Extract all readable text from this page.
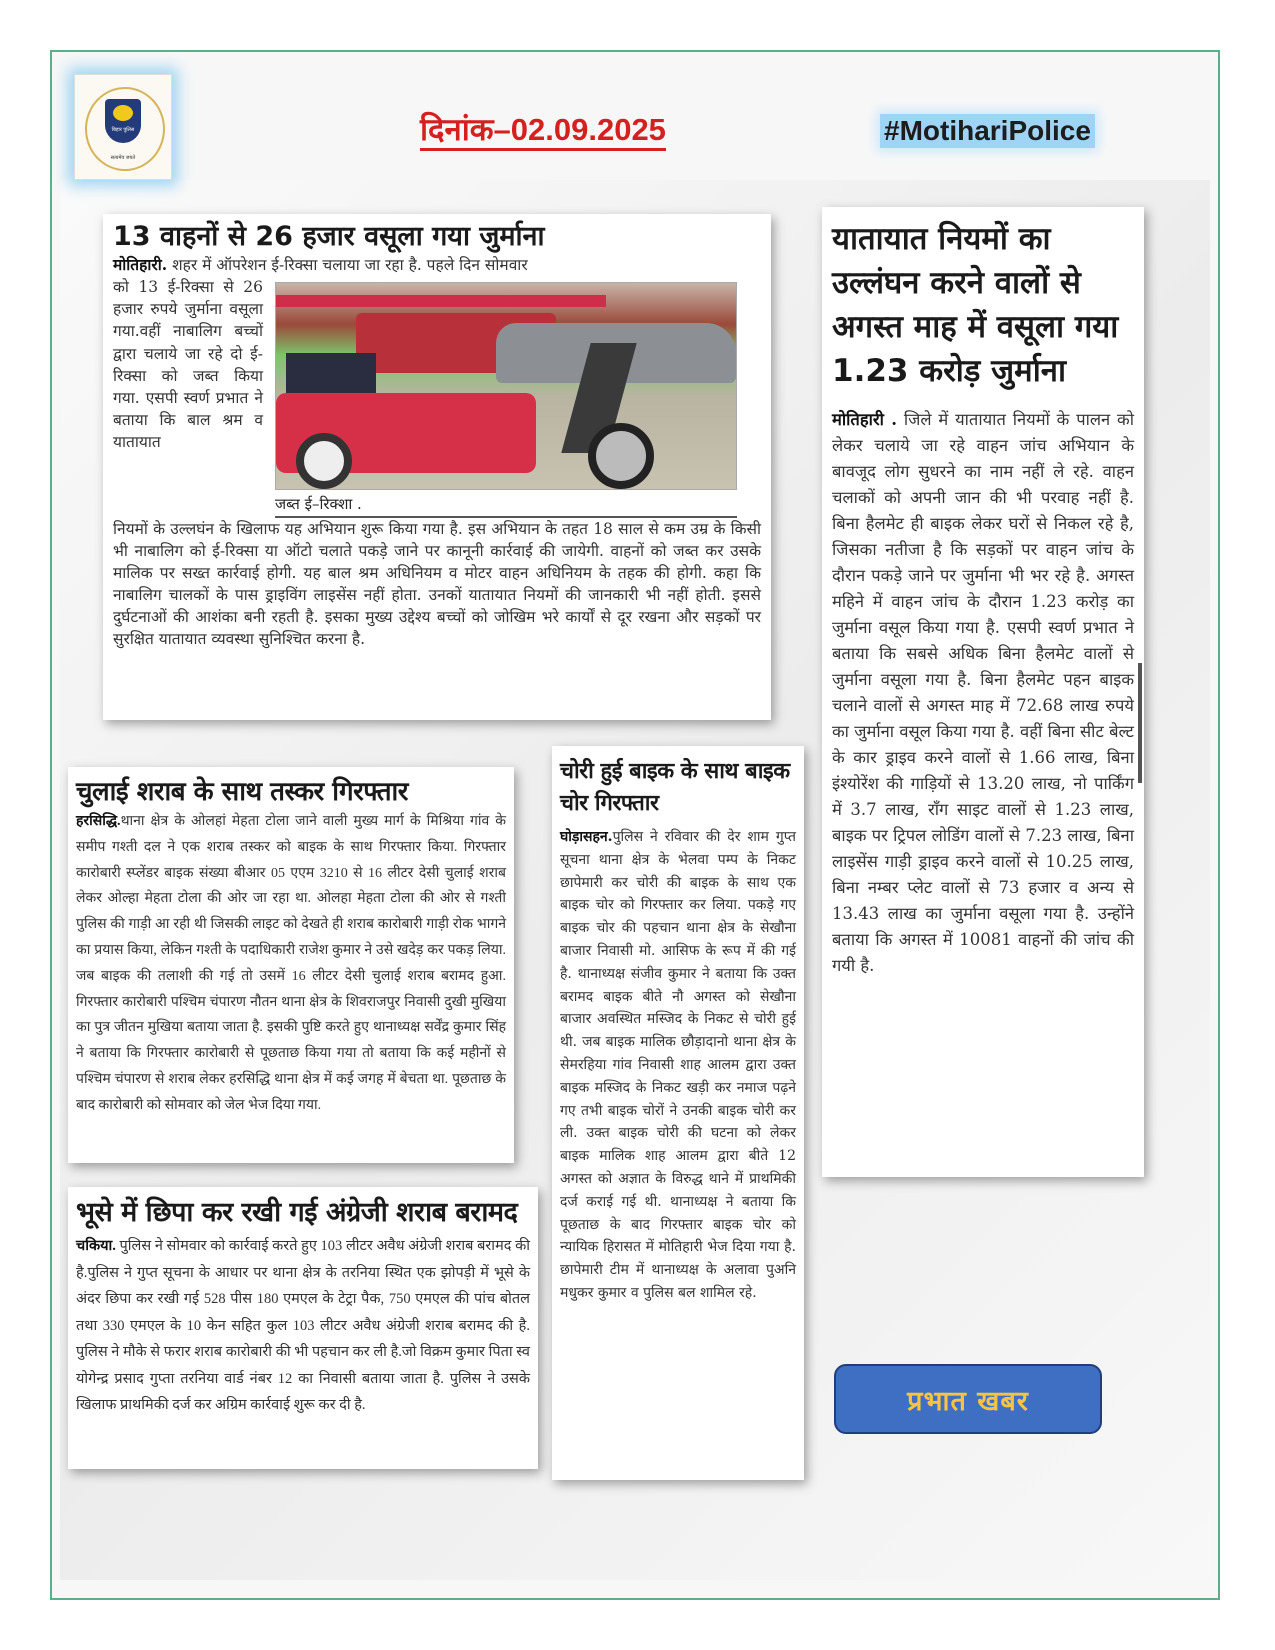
बिहार पुलिस
सत्यमेव जयते
दिनांक–02.09.2025	#MotihariPolice
13 वाहनों से 26 हजार वसूला गया जुर्माना
मोतिहारी. शहर में ऑपरेशन ई-रिक्सा चलाया जा रहा है. पहले दिन सोमवार
को 13 ई-रिक्सा से 26 हजार रुपये जुर्माना वसूला गया.वहीं नाबालिग बच्चों द्वारा चलाये जा रहे दो ई-रिक्सा को जब्त किया गया. एसपी स्वर्ण प्रभात ने बताया कि बाल श्रम व यातायात
जब्त ई–रिक्शा .
नियमों के उल्लघंन के खिलाफ यह अभियान शुरू किया गया है. इस अभियान के तहत 18 साल से कम उम्र के किसी भी नाबालिग को ई-रिक्सा या ऑटो चलाते पकड़े जाने पर कानूनी कार्रवाई की जायेगी. वाहनों को जब्त कर उसके मालिक पर सख्त कार्रवाई होगी. यह बाल श्रम अधिनियम व मोटर वाहन अधिनियम के तहक की होगी. कहा कि नाबालिग चालकों के पास ड्राइविंग लाइसेंस नहीं होता. उनकों यातायात नियमों की जानकारी भी नहीं होती. इससे दुर्घटनाओं की आशंका बनी रहती है. इसका मुख्य उद्देश्य बच्चों को जोखिम भरे कार्यों से दूर रखना और सड़कों पर सुरक्षित यातायात व्यवस्था सुनिश्चित करना है.
यातायात नियमों का उल्लंघन करने वालों से अगस्त माह में वसूला गया 1.23 करोड़ जुर्माना
मोतिहारी . जिले में यातायात नियमों के पालन को लेकर चलाये जा रहे वाहन जांच अभियान के बावजूद लोग सुधरने का नाम नहीं ले रहे. वाहन चलाकों को अपनी जान की भी परवाह नहीं है. बिना हैलमेट ही बाइक लेकर घरों से निकल रहे है, जिसका नतीजा है कि सड़कों पर वाहन जांच के दौरान पकड़े जाने पर जुर्माना भी भर रहे है. अगस्त महिने में वाहन जांच के दौरान 1.23 करोड़ का जुर्माना वसूल किया गया है. एसपी स्वर्ण प्रभात ने बताया कि सबसे अधिक बिना हैलमेट वालों से जुर्माना वसूला गया है. बिना हैलमेट पहन बाइक चलाने वालों से अगस्त माह में 72.68 लाख रुपये का जुर्माना वसूल किया गया है. वहीं बिना सीट बेल्ट के कार ड्राइव करने वालों से 1.66 लाख, बिना इंश्योरेंश की गाड़ियों से 13.20 लाख, नो पार्किंग में 3.7 लाख, रॉंग साइट वालों से 1.23 लाख, बाइक पर ट्रिपल लोडिंग वालों से 7.23 लाख, बिना लाइसेंस गाड़ी ड्राइव करने वालों से 10.25 लाख, बिना नम्बर प्लेट वालों से 73 हजार व अन्य से 13.43 लाख का जुर्माना वसूला गया है. उन्होंने बताया कि अगस्त में 10081 वाहनों की जांच की गयी है.
चुलाई शराब के साथ तस्कर गिरफ्तार
हरसिद्धि.थाना क्षेत्र के ओलहां मेहता टोला जाने वाली मुख्य मार्ग के मिश्रिया गांव के समीप गश्ती दल ने एक शराब तस्कर को बाइक के साथ गिरफ्तार किया. गिरफ्तार कारोबारी स्प्लेंडर बाइक संख्या बीआर 05 एएम 3210 से 16 लीटर देसी चुलाई शराब लेकर ओल्हा मेहता टोला की ओर जा रहा था. ओलहा मेहता टोला की ओर से गश्ती पुलिस की गाड़ी आ रही थी जिसकी लाइट को देखते ही शराब कारोबारी गाड़ी रोक भागने का प्रयास किया, लेकिन गश्ती के पदाधिकारी राजेश कुमार ने उसे खदेड़ कर पकड़ लिया. जब बाइक की तलाशी की गई तो उसमें 16 लीटर देसी चुलाई शराब बरामद हुआ. गिरफ्तार कारोबारी पश्चिम चंपारण नौतन थाना क्षेत्र के शिवराजपुर निवासी दुखी मुखिया का पुत्र जीतन मुखिया बताया जाता है. इसकी पुष्टि करते हुए थानाध्यक्ष सर्वेंद्र कुमार सिंह ने बताया कि गिरफ्तार कारोबारी से पूछताछ किया गया तो बताया कि कई महीनों से पश्चिम चंपारण से शराब लेकर हरसिद्धि थाना क्षेत्र में कई जगह में बेचता था. पूछताछ के बाद कारोबारी को सोमवार को जेल भेज दिया गया.
भूसे में छिपा कर रखी गई अंग्रेजी शराब बरामद
चकिया. पुलिस ने सोमवार को कार्रवाई करते हुए 103 लीटर अवैध अंग्रेजी शराब बरामद की है.पुलिस ने गुप्त सूचना के आधार पर थाना क्षेत्र के तरनिया स्थित एक झोपड़ी में भूसे के अंदर छिपा कर रखी गई 528 पीस 180 एमएल के टेट्रा पैक, 750 एमएल की पांच बोतल तथा 330 एमएल के 10 केन सहित कुल 103 लीटर अवैध अंग्रेजी शराब बरामद की है. पुलिस ने मौके से फरार शराब कारोबारी की भी पहचान कर ली है.जो विक्रम कुमार पिता स्व योगेन्द्र प्रसाद गुप्ता तरनिया वार्ड नंबर 12 का निवासी बताया जाता है. पुलिस ने उसके खिलाफ प्राथमिकी दर्ज कर अग्रिम कार्रवाई शुरू कर दी है.
चोरी हुई बाइक के साथ बाइक चोर गिरफ्तार
घोड़ासहन.पुलिस ने रविवार की देर शाम गुप्त सूचना थाना क्षेत्र के भेलवा पम्प के निकट छापेमारी कर चोरी की बाइक के साथ एक बाइक चोर को गिरफ्तार कर लिया. पकड़े गए बाइक चोर की पहचान थाना क्षेत्र के सेखौना बाजार निवासी मो. आसिफ के रूप में की गई है. थानाध्यक्ष संजीव कुमार ने बताया कि उक्त बरामद बाइक बीते नौ अगस्त को सेखौना बाजार अवस्थित मस्जिद के निकट से चोरी हुई थी. जब बाइक मालिक छौड़ादानो थाना क्षेत्र के सेमरहिया गांव निवासी शाह आलम द्वारा उक्त बाइक मस्जिद के निकट खड़ी कर नमाज पढ़ने गए तभी बाइक चोरों ने उनकी बाइक चोरी कर ली. उक्त बाइक चोरी की घटना को लेकर बाइक मालिक शाह आलम द्वारा बीते 12 अगस्त को अज्ञात के विरुद्ध थाने में प्राथमिकी दर्ज कराई गई थी. थानाध्यक्ष ने बताया कि पूछताछ के बाद गिरफ्तार बाइक चोर को न्यायिक हिरासत में मोतिहारी भेज दिया गया है. छापेमारी टीम में थानाध्यक्ष के अलावा पुअनि मधुकर कुमार व पुलिस बल शामिल रहे.
प्रभात खबर
